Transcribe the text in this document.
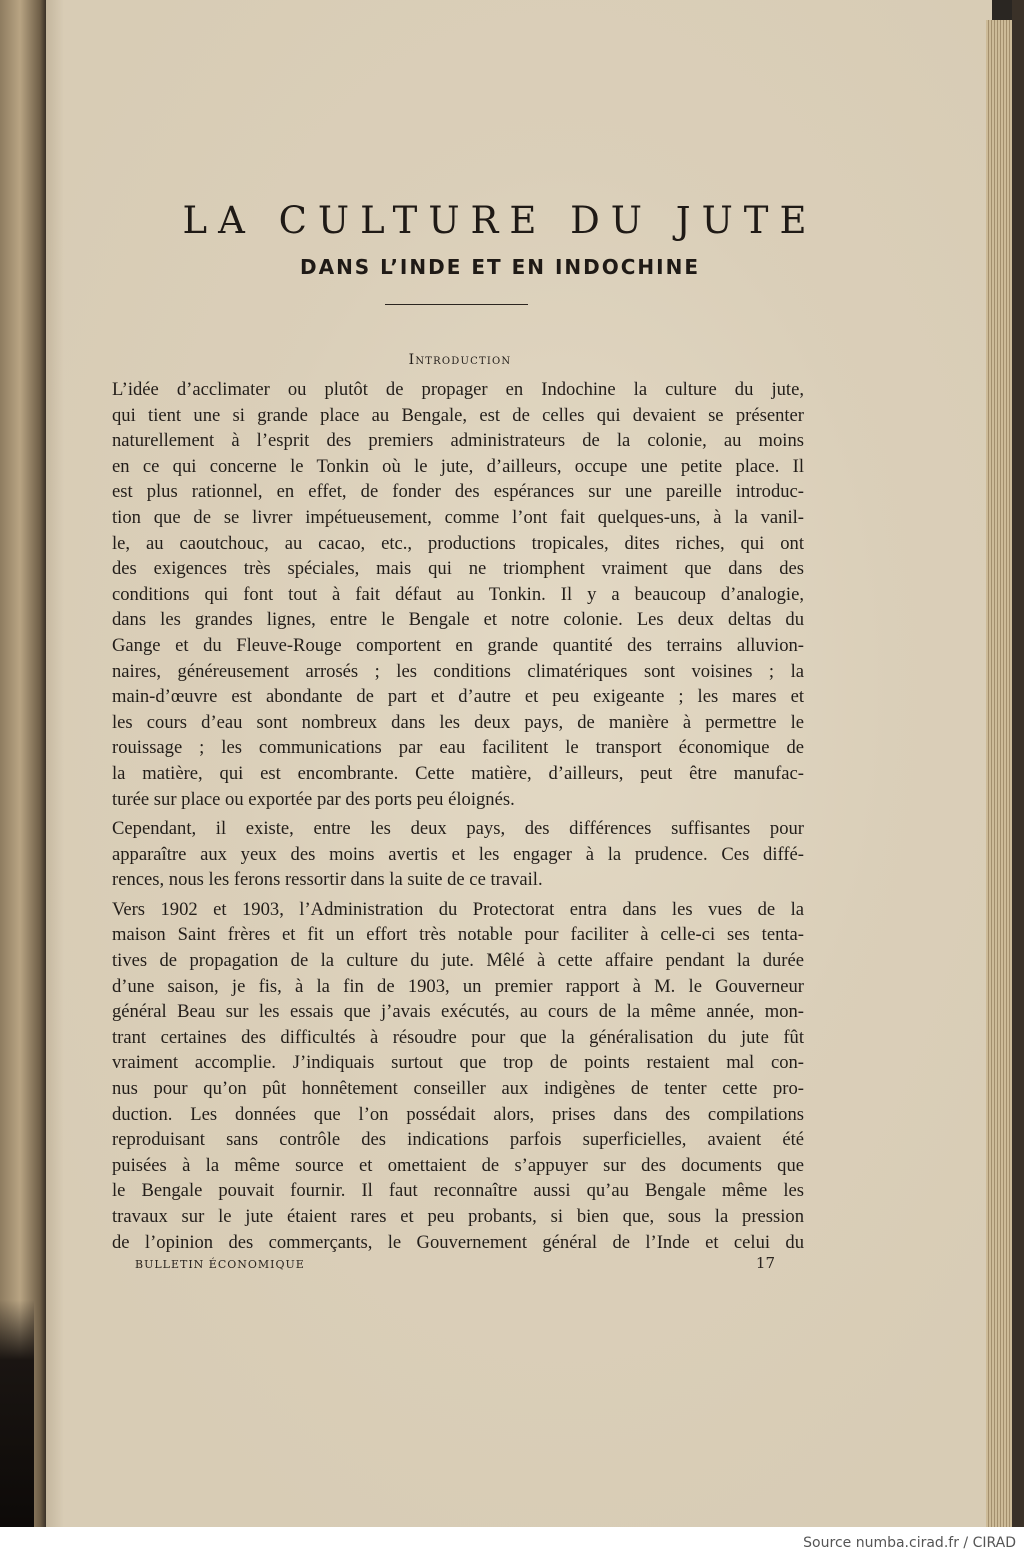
LA CULTURE DU JUTE
DANS L’INDE ET EN INDOCHINE
Introduction
L’idée d’acclimater ou plutôt de propager en Indochine la culture du jute,
qui tient une si grande place au Bengale, est de celles qui devaient se présenter
naturellement à l’esprit des premiers administrateurs de la colonie, au moins
en ce qui concerne le Tonkin où le jute, d’ailleurs, occupe une petite place. Il
est plus rationnel, en effet, de fonder des espérances sur une pareille introduc-
tion que de se livrer impétueusement, comme l’ont fait quelques-uns, à la vanil-
le, au caoutchouc, au cacao, etc., productions tropicales, dites riches, qui ont
des exigences très spéciales, mais qui ne triomphent vraiment que dans des
conditions qui font tout à fait défaut au Tonkin. Il y a beaucoup d’analogie,
dans les grandes lignes, entre le Bengale et notre colonie. Les deux deltas du
Gange et du Fleuve-Rouge comportent en grande quantité des terrains alluvion-
naires, généreusement arrosés ; les conditions climatériques sont voisines ; la
main-d’œuvre est abondante de part et d’autre et peu exigeante ; les mares et
les cours d’eau sont nombreux dans les deux pays, de manière à permettre le
rouissage ; les communications par eau facilitent le transport économique de
la matière, qui est encombrante. Cette matière, d’ailleurs, peut être manufac-
turée sur place ou exportée par des ports peu éloignés.
Cependant, il existe, entre les deux pays, des différences suffisantes pour
apparaître aux yeux des moins avertis et les engager à la prudence. Ces diffé-
rences, nous les ferons ressortir dans la suite de ce travail.
Vers 1902 et 1903, l’Administration du Protectorat entra dans les vues de la
maison Saint frères et fit un effort très notable pour faciliter à celle-ci ses tenta-
tives de propagation de la culture du jute. Mêlé à cette affaire pendant la durée
d’une saison, je fis, à la fin de 1903, un premier rapport à M. le Gouverneur
général Beau sur les essais que j’avais exécutés, au cours de la même année, mon-
trant certaines des difficultés à résoudre pour que la généralisation du jute fût
vraiment accomplie. J’indiquais surtout que trop de points restaient mal con-
nus pour qu’on pût honnêtement conseiller aux indigènes de tenter cette pro-
duction. Les données que l’on possédait alors, prises dans des compilations
reproduisant sans contrôle des indications parfois superficielles, avaient été
puisées à la même source et omettaient de s’appuyer sur des documents que
le Bengale pouvait fournir. Il faut reconnaître aussi qu’au Bengale même les
travaux sur le jute étaient rares et peu probants, si bien que, sous la pression
de l’opinion des commerçants, le Gouvernement général de l’Inde et celui du
BULLETIN ÉCONOMIQUE	17
Source numba.cirad.fr / CIRAD
